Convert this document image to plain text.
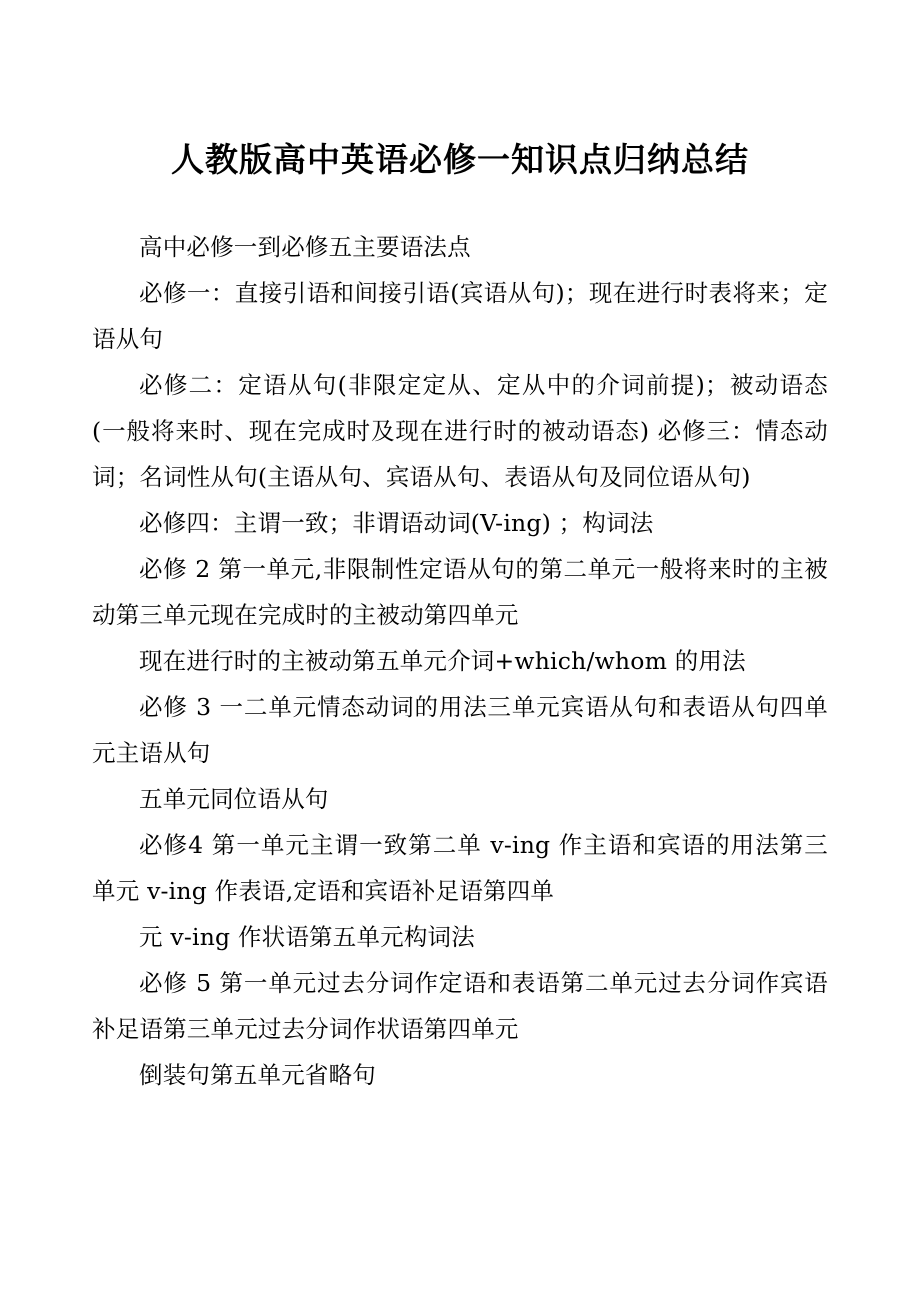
人教版高中英语必修一知识点归纳总结

高中必修一到必修五主要语法点

必修一：直接引语和间接引语(宾语从句)；现在进行时表将来；定语从句

必修二：定语从句(非限定定从、定从中的介词前提)；被动语态(一般将来时、现在完成时及现在进行时的被动语态) 必修三：情态动词；名词性从句(主语从句、宾语从句、表语从句及同位语从句)

必修四：主谓一致；非谓语动词(V-ing) ；构词法

必修 2 第一单元,非限制性定语从句的第二单元一般将来时的主被动第三单元现在完成时的主被动第四单元

现在进行时的主被动第五单元介词+which/whom 的用法

必修 3 一二单元情态动词的用法三单元宾语从句和表语从句四单元主语从句

五单元同位语从句

必修4 第一单元主谓一致第二单 v-ing 作主语和宾语的用法第三单元 v-ing 作表语,定语和宾语补足语第四单

元 v-ing 作状语第五单元构词法

必修 5 第一单元过去分词作定语和表语第二单元过去分词作宾语补足语第三单元过去分词作状语第四单元

倒装句第五单元省略句
